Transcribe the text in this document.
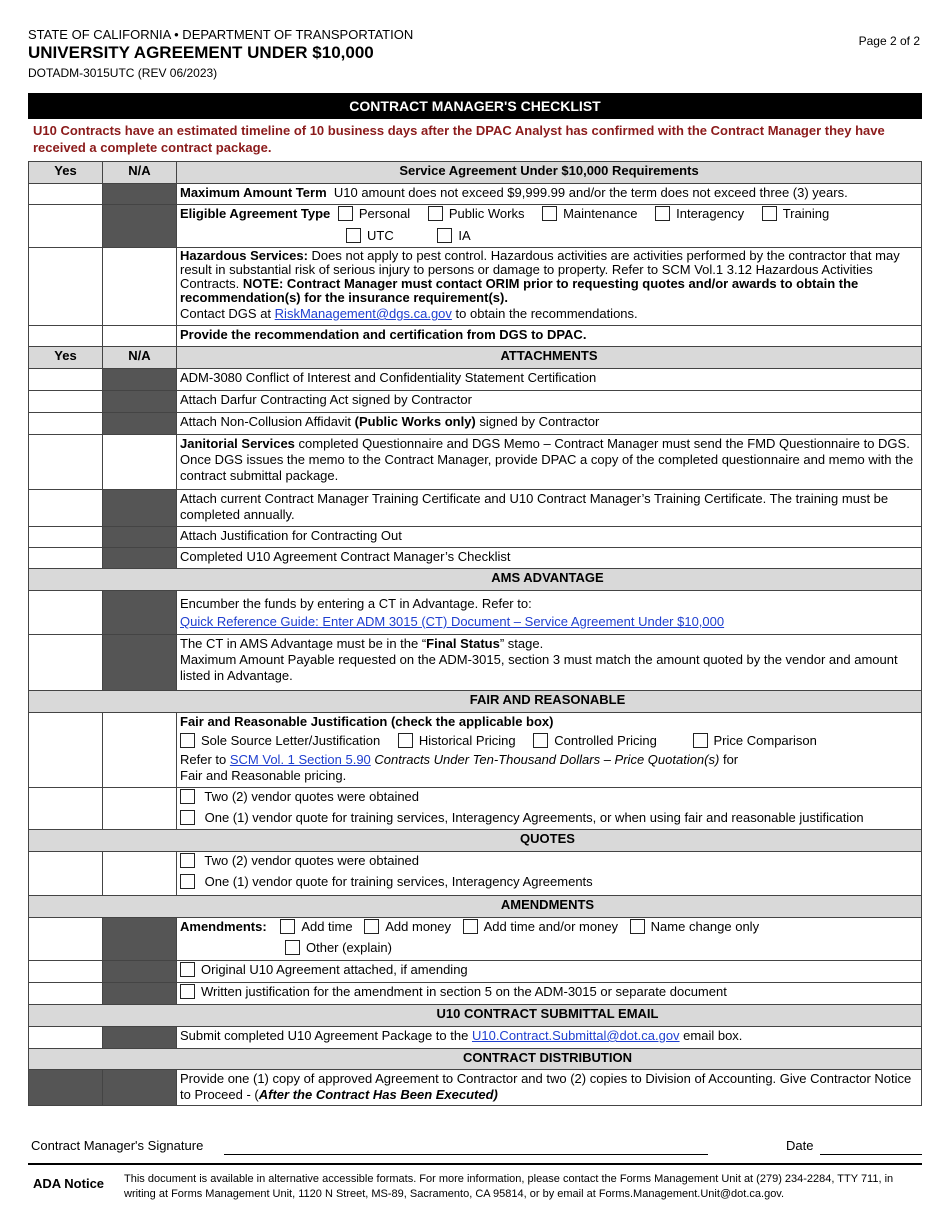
STATE OF CALIFORNIA • DEPARTMENT OF TRANSPORTATION
UNIVERSITY AGREEMENT UNDER $10,000
DOTADM-3015UTC (REV 06/2023)
Page 2 of 2
CONTRACT MANAGER'S CHECKLIST
U10 Contracts have an estimated timeline of 10 business days after the DPAC Analyst has confirmed with the Contract Manager they have received a complete contract package.
Yes	N/A	Service Agreement Under $10,000 Requirements
		Maximum Amount Term U10 amount does not exceed $9,999.99 and/or the term does not exceed three (3) years.

		Eligible Agreement Type Personal Public Works Maintenance Interagency Training
UTC IA

		Hazardous Services: Does not apply to pest control. Hazardous activities are activities performed by the contractor that may result in substantial risk of serious injury to persons or damage to property. Refer to SCM Vol.1 3.12 Hazardous Activities Contracts. NOTE: Contract Manager must contact ORIM prior to requesting quotes and/or awards to obtain the recommendation(s) for the insurance requirement(s).
Contact DGS at RiskManagement@dgs.ca.gov to obtain the recommendations.

		Provide the recommendation and certification from DGS to DPAC.
Yes	N/A	ATTACHMENTS
		ADM-3080 Conflict of Interest and Confidentiality Statement Certification
		Attach Darfur Contracting Act signed by Contractor
		Attach Non-Collusion Affidavit (Public Works only) signed by Contractor
		Janitorial Services completed Questionnaire and DGS Memo – Contract Manager must send the FMD Questionnaire to DGS. Once DGS issues the memo to the Contract Manager, provide DPAC a copy of the completed questionnaire and memo with the contract submittal package.
		Attach current Contract Manager Training Certificate and U10 Contract Manager’s Training Certificate. The training must be completed annually.
		Attach Justification for Contracting Out
		Completed U10 Agreement Contract Manager’s Checklist
AMS ADVANTAGE		

		Encumber the funds by entering a CT in Advantage. Refer to:
Quick Reference Guide: Enter ADM 3015 (CT) Document – Service Agreement Under $10,000

		The CT in AMS Advantage must be in the “Final Status” stage.
Maximum Amount Payable requested on the ADM-3015, section 3 must match the amount quoted by the vendor and amount listed in Advantage.

FAIR AND REASONABLE		

		Fair and Reasonable Justification (check the applicable box)
Sole Source Letter/Justification Historical Pricing Controlled Pricing Price Comparison
Refer to SCM Vol. 1 Section 5.90 Contracts Under Ten-Thousand Dollars – Price Quotation(s) for
Fair and Reasonable pricing.

		Two (2) vendor quotes were obtained
One (1) vendor quote for training services, Interagency Agreements, or when using fair and reasonable justification

QUOTES		

		Two (2) vendor quotes were obtained
One (1) vendor quote for training services, Interagency Agreements

AMENDMENTS		

		Amendments: Add time Add money Add time and/or money Name change only
Other (explain)

		Original U10 Agreement attached, if amending
		Written justification for the amendment in section 5 on the ADM-3015 or separate document
U10 CONTRACT SUBMITTAL EMAIL		
		Submit completed U10 Agreement Package to the U10.Contract.Submittal@dot.ca.gov email box.
CONTRACT DISTRIBUTION		
		Provide one (1) copy of approved Agreement to Contractor and two (2) copies to Division of Accounting. Give Contractor Notice to Proceed - (After the Contract Has Been Executed)
Contract Manager's Signature	Date
ADA Notice This document is available in alternative accessible formats. For more information, please contact the Forms Management Unit at (279) 234-2284, TTY 711, in writing at Forms Management Unit, 1120 N Street, MS-89, Sacramento, CA 95814, or by email at Forms.Management.Unit@dot.ca.gov.
